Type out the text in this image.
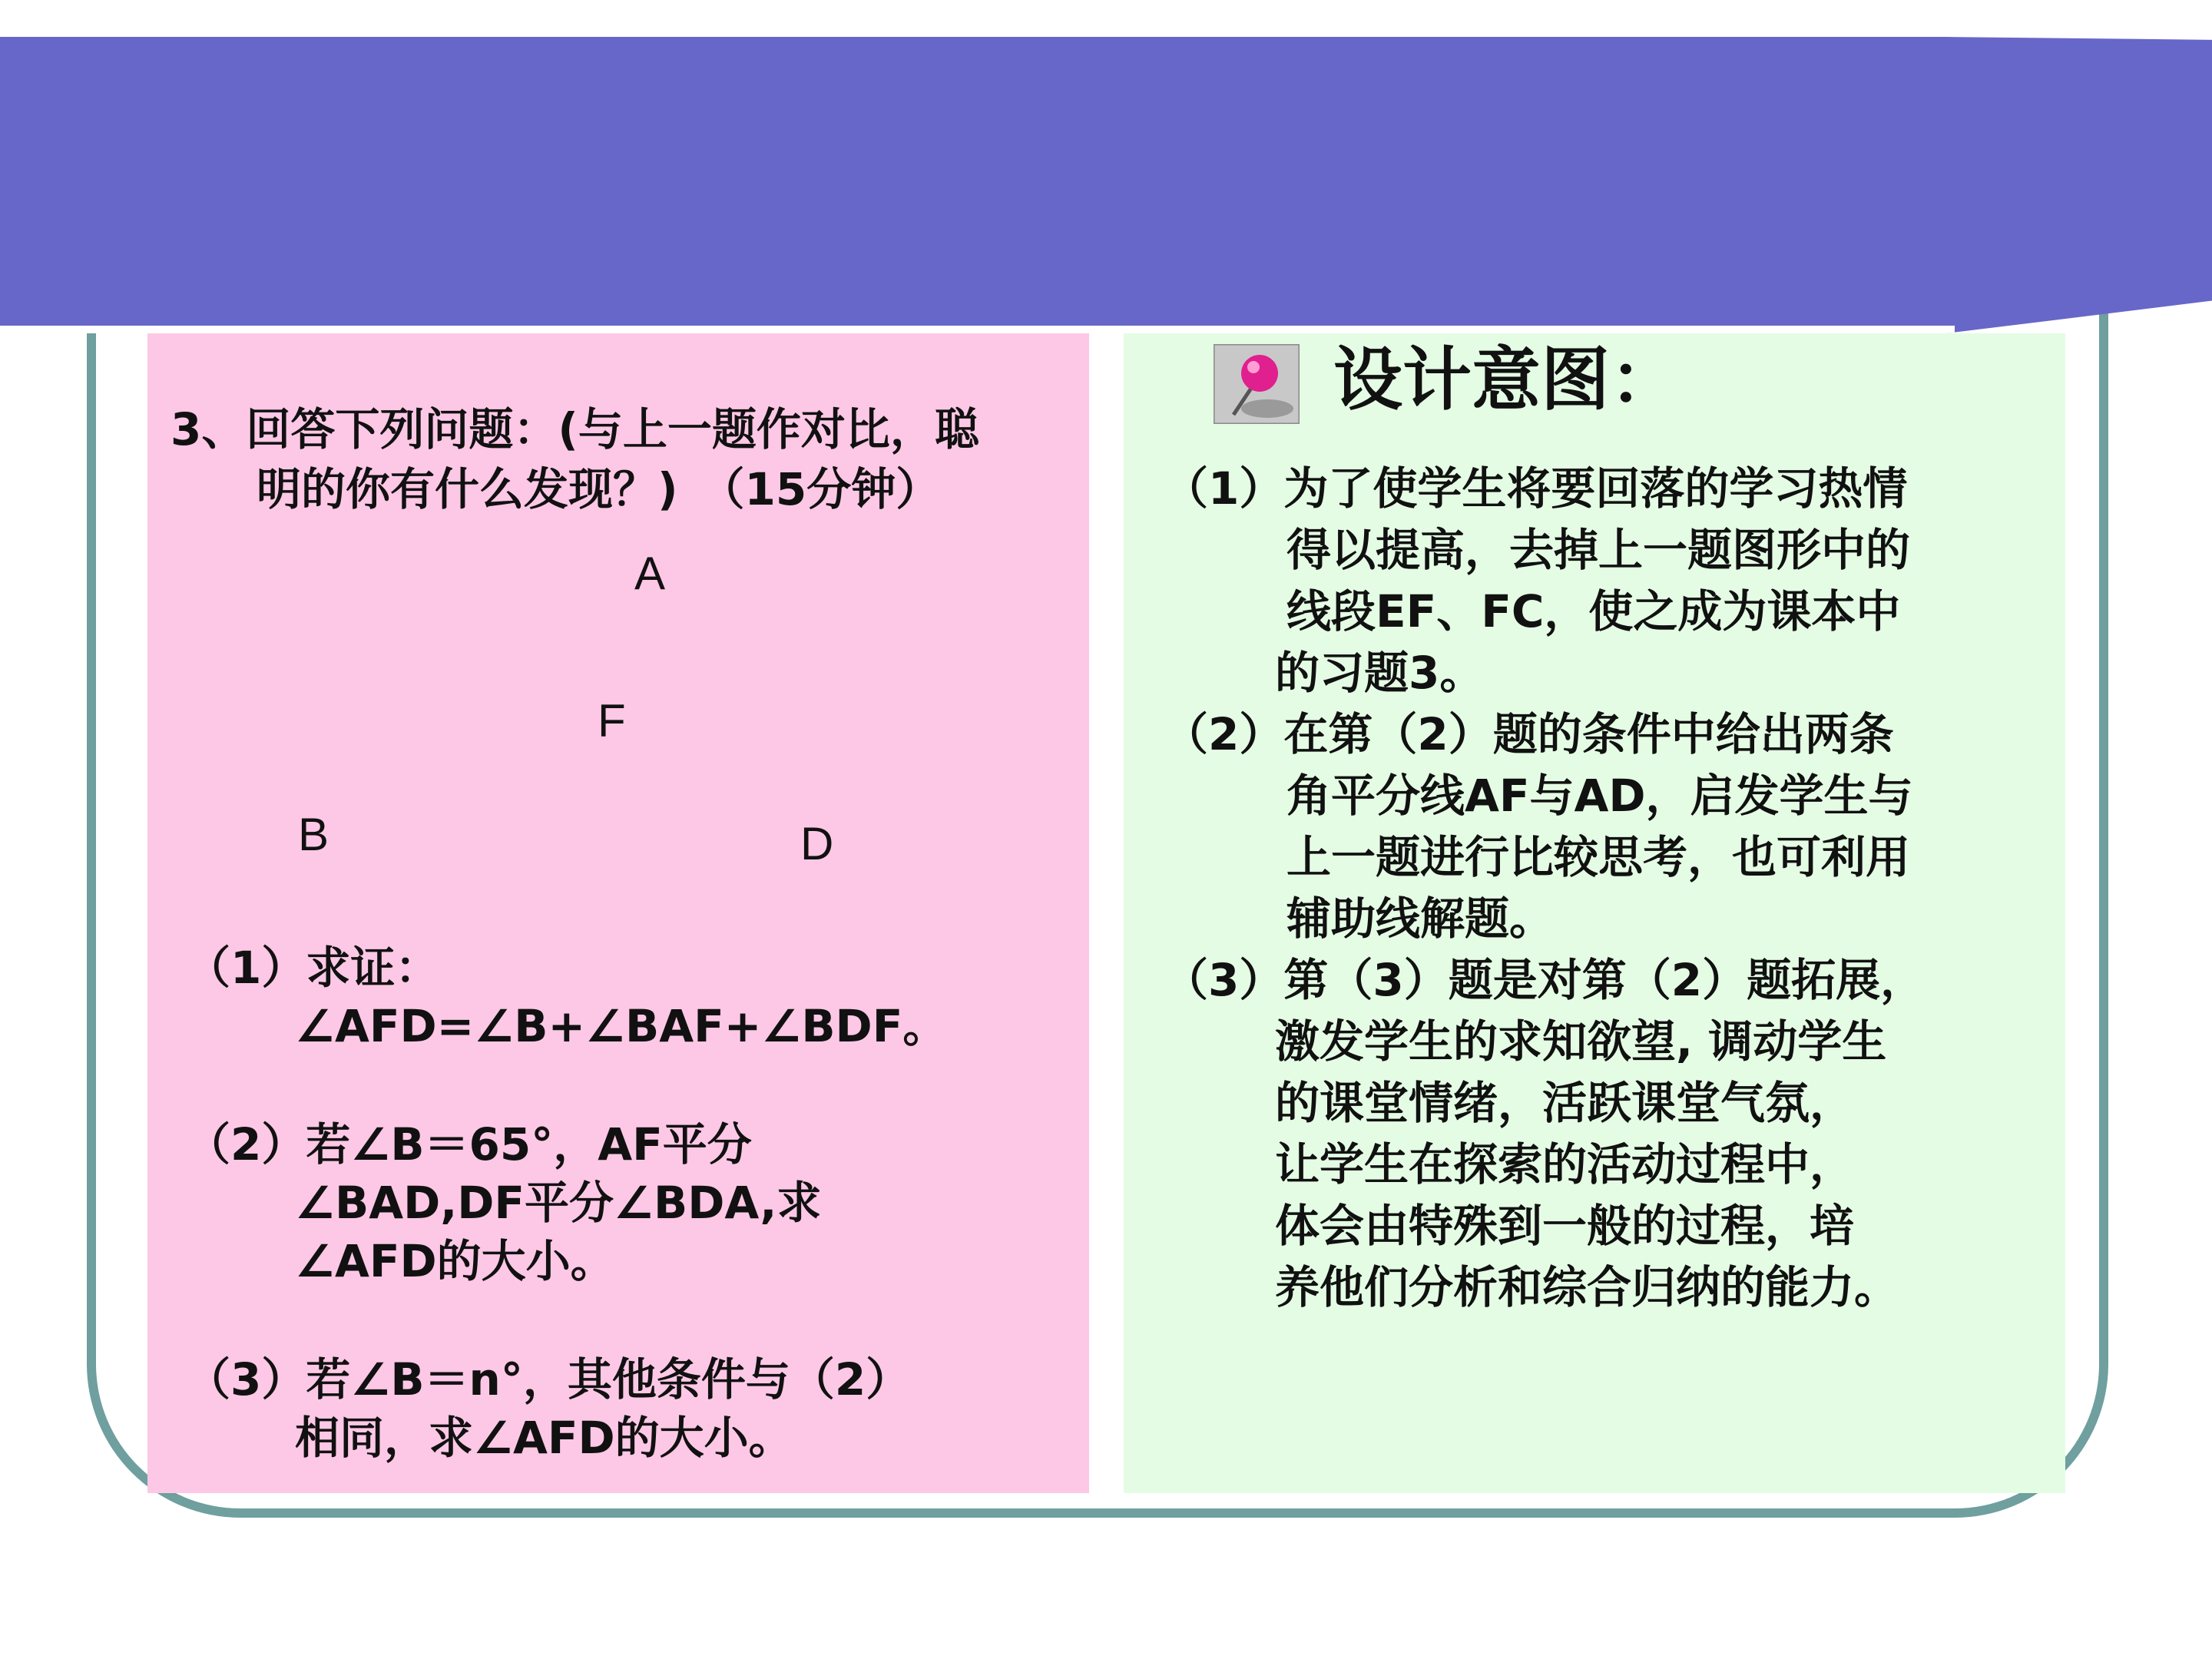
3、回答下列问题：(与上一题作对比，聪
明的你有什么发现？)　（15分钟）
A
F
B	D
（1）求证：
∠AFD=∠B+∠BAF+∠BDF。
（2）若∠B＝65°，AF平分
∠BAD,DF平分∠BDA,求
∠AFD的大小。
（3）若∠B＝n°，其他条件与（2）
相同，求∠AFD的大小。
设计意图：
（1）为了使学生将要回落的学习热情
得以提高，去掉上一题图形中的
线段EF、FC，使之成为课本中
的习题3。
（2）在第（2）题的条件中给出两条
角平分线AF与AD，启发学生与
上一题进行比较思考，也可利用
辅助线解题。
（3）第（3）题是对第（2）题拓展，
激发学生的求知欲望, 调动学生
的课堂情绪，活跃课堂气氛，
让学生在探索的活动过程中，
体会由特殊到一般的过程，培
养他们分析和综合归纳的能力。
